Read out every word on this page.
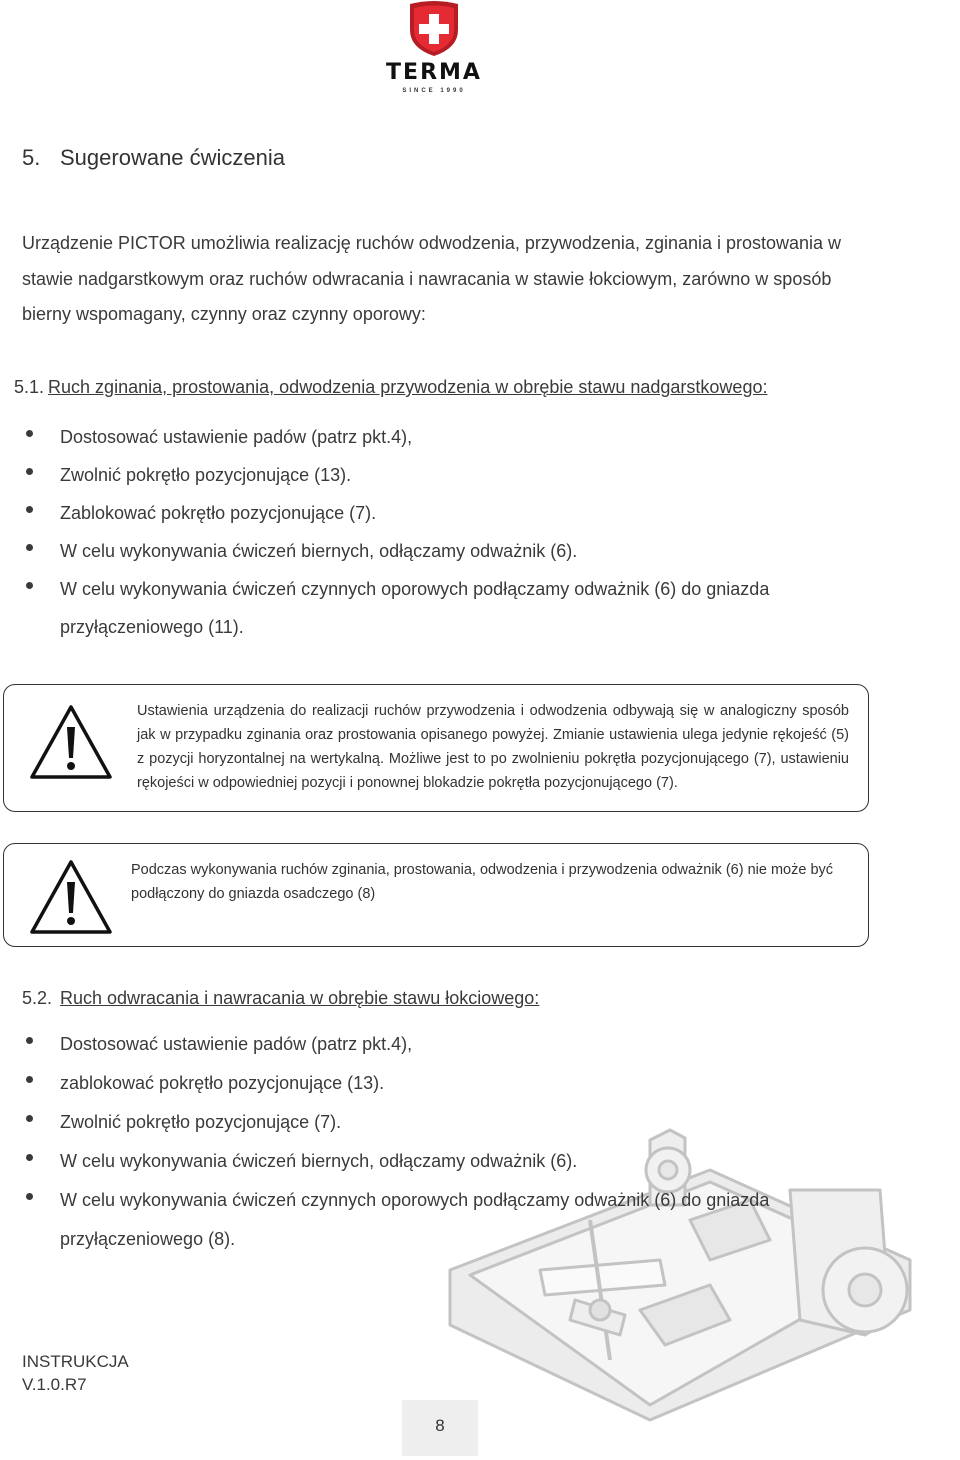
TERMA
SINCE 1990
5. Sugerowane ćwiczenia

Urządzenie PICTOR umożliwia realizację ruchów odwodzenia, przywodzenia, zginania i prostowania w stawie nadgarstkowym oraz ruchów odwracania i nawracania w stawie łokciowym, zarówno w sposób bierny wspomagany, czynny oraz czynny oporowy:

5.1. Ruch zginania, prostowania, odwodzenia przywodzenia w obrębie stawu nadgarstkowego:
Dostosować ustawienie padów (patrz pkt.4),
Zwolnić pokrętło pozycjonujące (13).
Zablokować pokrętło pozycjonujące (7).
W celu wykonywania ćwiczeń biernych, odłączamy odważnik (6).
W celu wykonywania ćwiczeń czynnych oporowych podłączamy odważnik (6) do gniazda przyłączeniowego (11).
Ustawienia urządzenia do realizacji ruchów przywodzenia i odwodzenia odbywają się w analogiczny sposób jak w przypadku zginania oraz prostowania opisanego powyżej. Zmianie ustawienia ulega jedynie rękojeść (5) z pozycji horyzontalnej na wertykalną. Możliwe jest to po zwolnieniu pokrętła pozycjonującego (7), ustawieniu rękojeści w odpowiedniej pozycji i ponownej blokadzie pokrętła pozycjonującego (7).
Podczas wykonywania ruchów zginania, prostowania, odwodzenia i przywodzenia odważnik (6) nie może być podłączony do gniazda osadczego (8)
5.2. Ruch odwracania i nawracania w obrębie stawu łokciowego:
Dostosować ustawienie padów (patrz pkt.4),
zablokować pokrętło pozycjonujące (13).
Zwolnić pokrętło pozycjonujące (7).
W celu wykonywania ćwiczeń biernych, odłączamy odważnik (6).
W celu wykonywania ćwiczeń czynnych oporowych podłączamy odważnik (6) do gniazda przyłączeniowego (8).
INSTRUKCJA
V.1.0.R7
8
